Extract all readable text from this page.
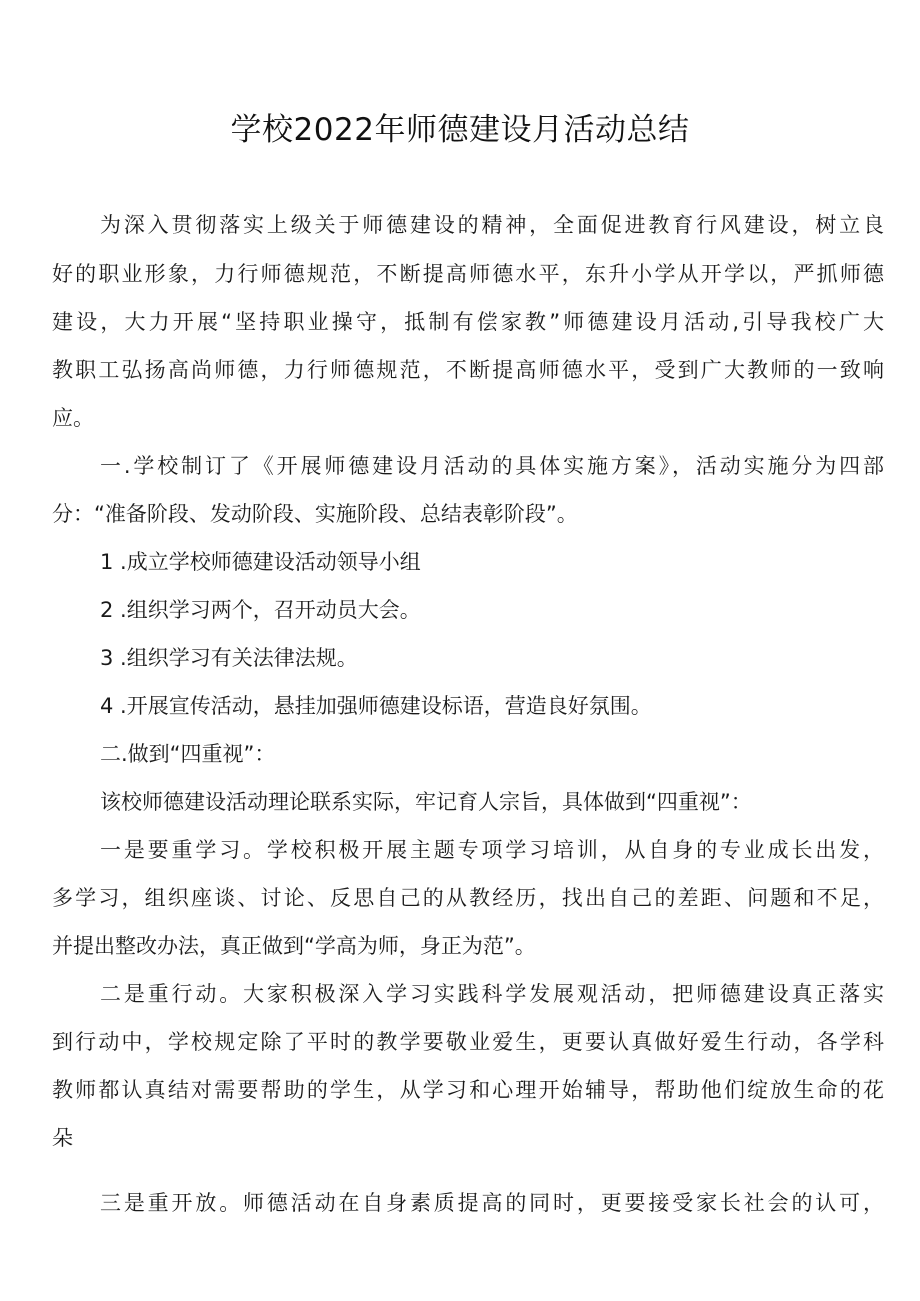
学校2022年师德建设月活动总结
为深入贯彻落实上级关于师德建设的精神，全面促进教育行风建设，树立良
好的职业形象，力行师德规范，不断提高师德水平，东升小学从开学以，严抓师德
建设，大力开展“坚持职业操守，抵制有偿家教”师德建设月活动,引导我校广大
教职工弘扬高尚师德，力行师德规范，不断提高师德水平，受到广大教师的一致响
应。
一.学校制订了《开展师德建设月活动的具体实施方案》，活动实施分为四部
分：“准备阶段、发动阶段、实施阶段、总结表彰阶段”。
1 .成立学校师德建设活动领导小组
2 .组织学习两个，召开动员大会。
3 .组织学习有关法律法规。
4 .开展宣传活动，悬挂加强师德建设标语，营造良好氛围。
二.做到“四重视”：
该校师德建设活动理论联系实际，牢记育人宗旨，具体做到“四重视”：
一是要重学习。学校积极开展主题专项学习培训，从自身的专业成长出发，
多学习，组织座谈、讨论、反思自己的从教经历，找出自己的差距、问题和不足，
并提出整改办法，真正做到“学高为师，身正为范”。
二是重行动。大家积极深入学习实践科学发展观活动，把师德建设真正落实
到行动中，学校规定除了平时的教学要敬业爱生，更要认真做好爱生行动，各学科
教师都认真结对需要帮助的学生，从学习和心理开始辅导，帮助他们绽放生命的花
朵
三是重开放。师德活动在自身素质提高的同时，更要接受家长社会的认可，
